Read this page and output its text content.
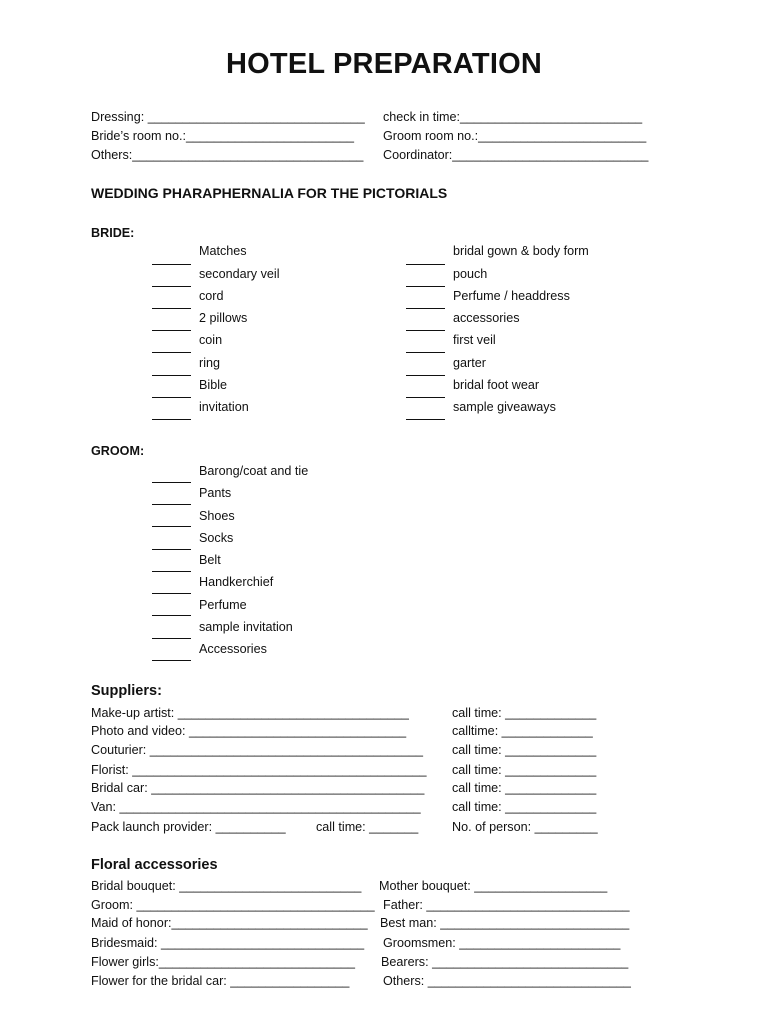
HOTEL PREPARATION
Dressing: _______________________________ check in time:__________________________
Bride’s room no.:________________________ Groom room no.:________________________
Others:_________________________________ Coordinator:____________________________
WEDDING PHARAPHERNALIA FOR THE PICTORIALS
BRIDE:
Matches
secondary veil
cord
2 pillows
coin
ring
Bible
invitation
bridal gown & body form
pouch
Perfume / headdress
accessories
first veil
garter
bridal foot wear
sample giveaways
GROOM:
Barong/coat and tie
Pants
Shoes
Socks
Belt
Handkerchief
Perfume
sample invitation
Accessories
Suppliers:
Make-up artist: _________________________________	call time: _____________
Photo and video: _______________________________	calltime: _____________
Couturier: _______________________________________ call time: _____________
Florist: __________________________________________ call time: _____________
Bridal car: _______________________________________ call time: _____________
Van: ___________________________________________ call time: _____________
Pack launch provider: __________ call time: _______	No. of person: _________
Floral accessories
Bridal bouquet: __________________________ Mother bouquet: ___________________
Groom: __________________________________ Father: _____________________________
Maid of honor:____________________________ Best man: ___________________________
Bridesmaid: _____________________________ Groomsmen: _______________________
Flower girls:____________________________ Bearers: ____________________________
Flower for the bridal car: _________________	Others: _____________________________
